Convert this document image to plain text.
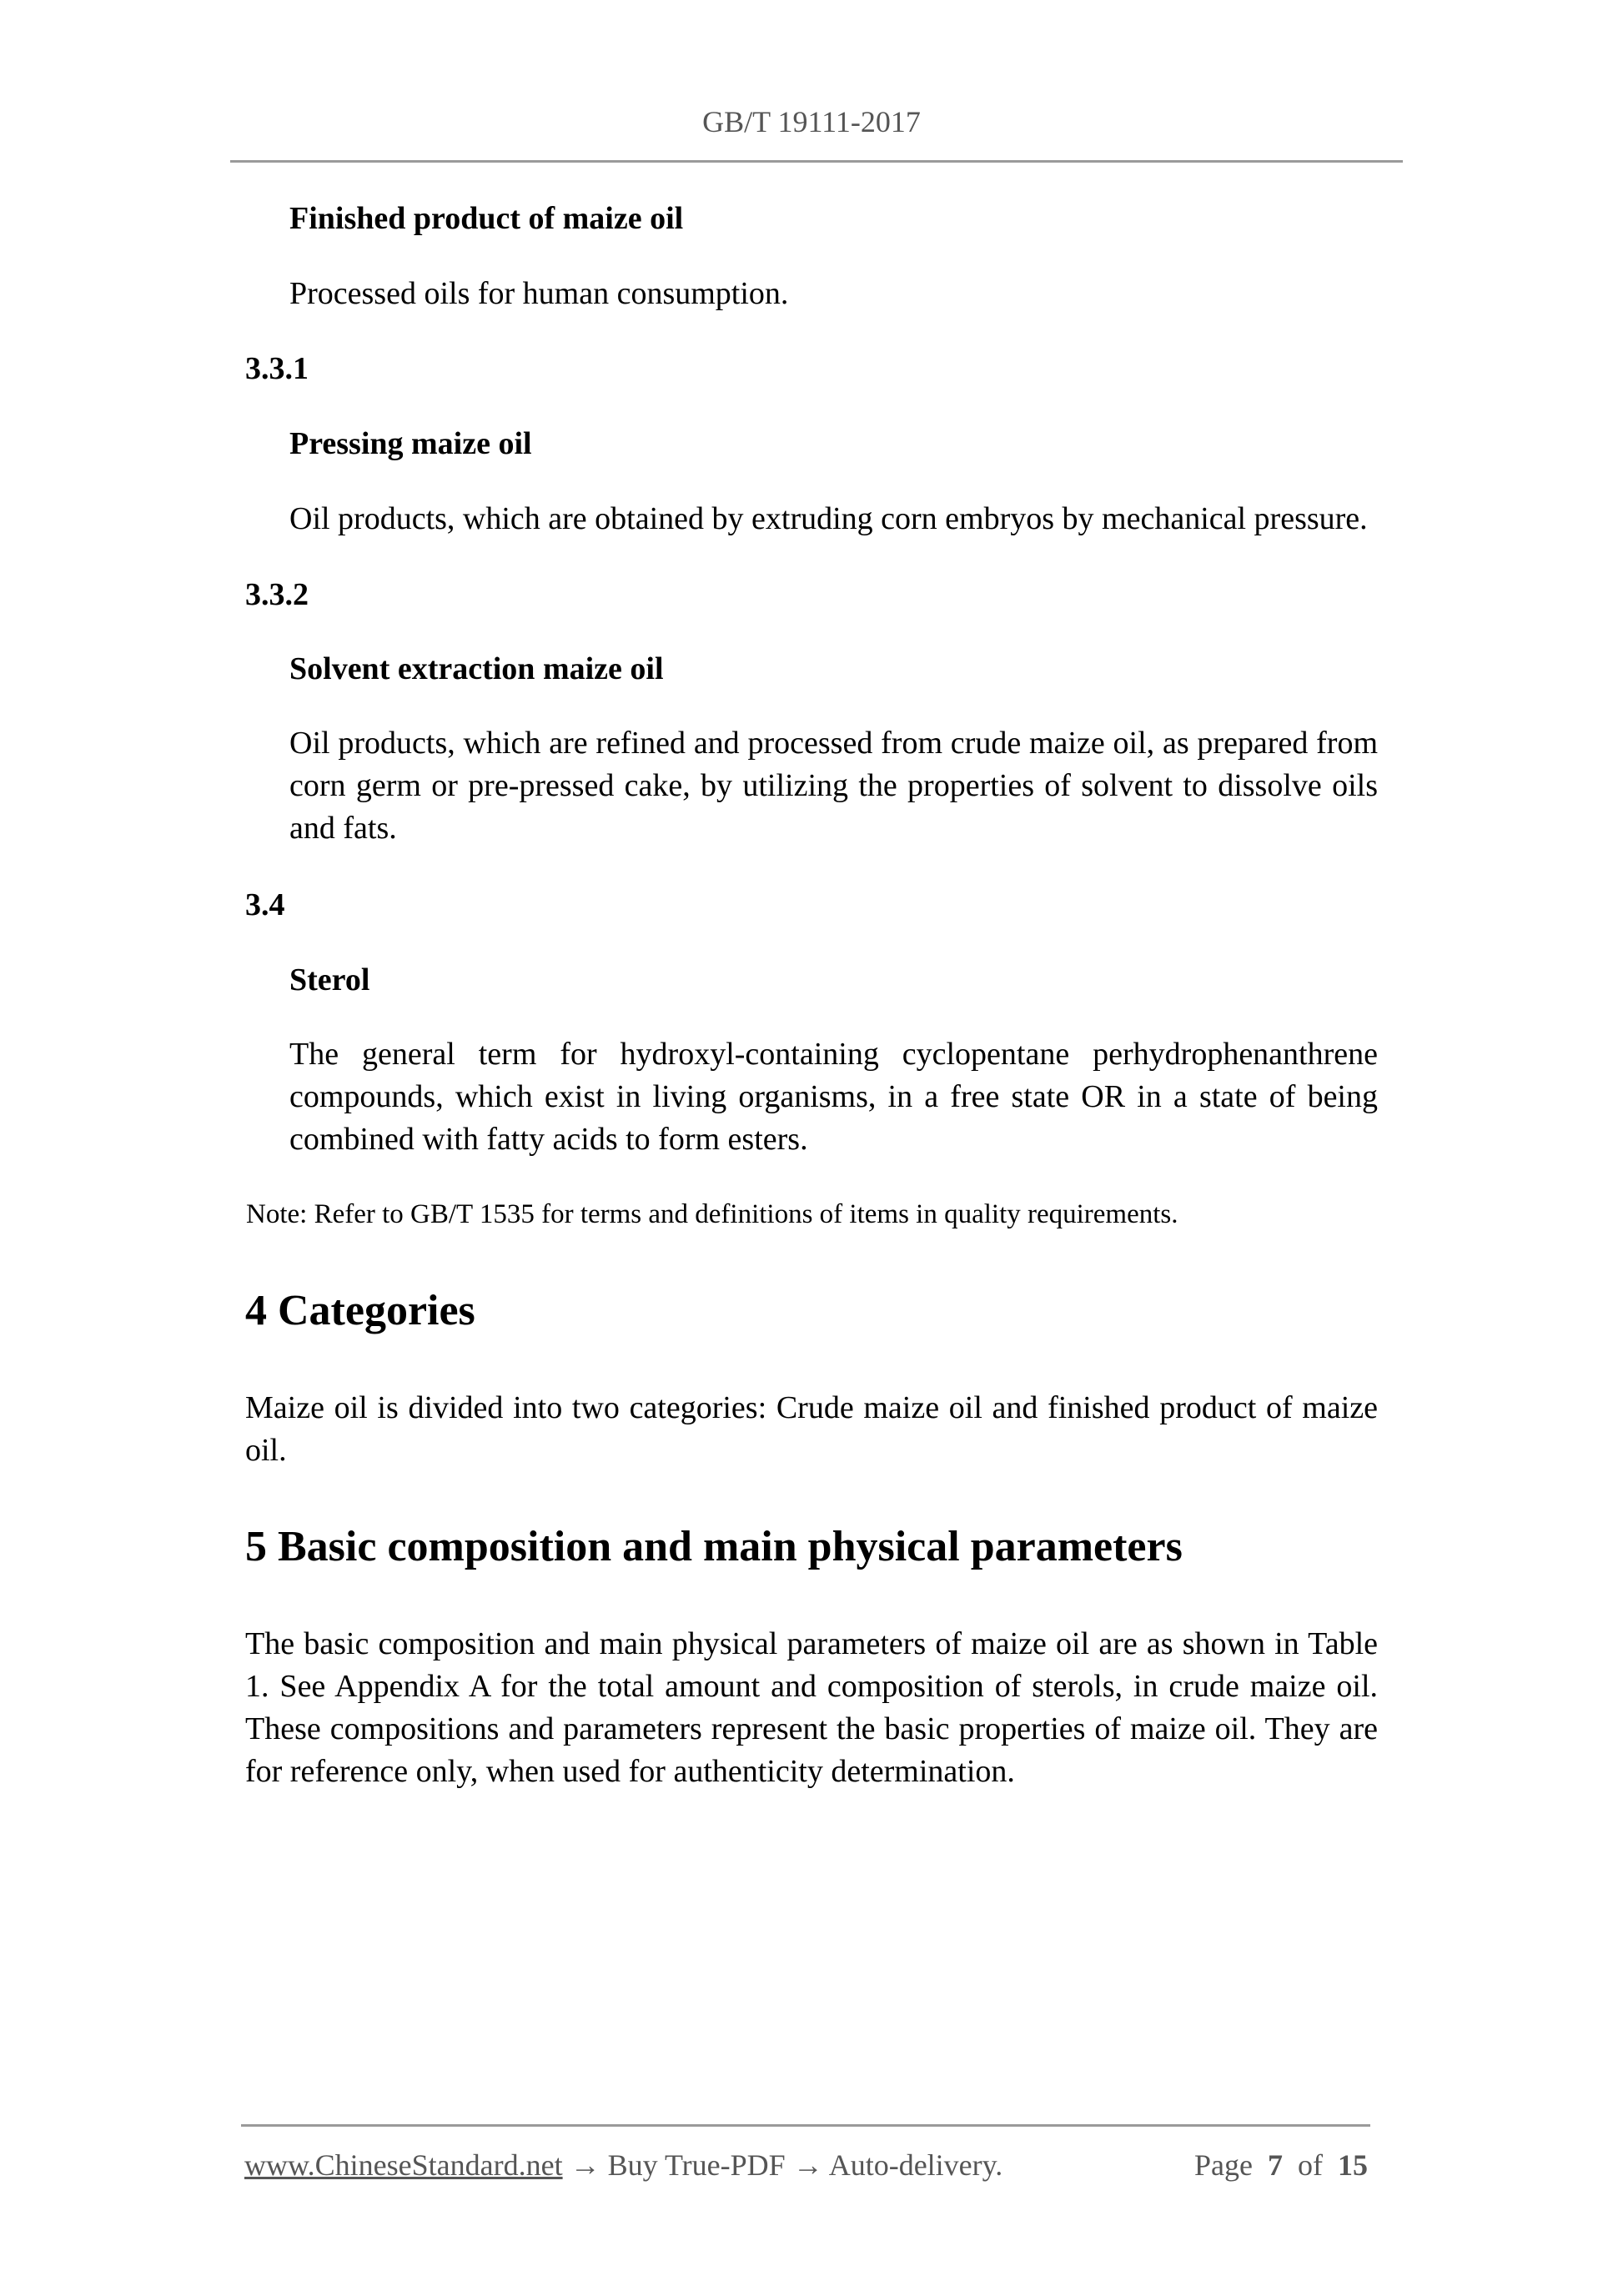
GB/T 19111-2017
Finished product of maize oil
Processed oils for human consumption.
3.3.1
Pressing maize oil
Oil products, which are obtained by extruding corn embryos by mechanical pressure.
3.3.2
Solvent extraction maize oil
Oil products, which are refined and processed from crude maize oil, as prepared from corn germ or pre-pressed cake, by utilizing the properties of solvent to dissolve oils and fats.
3.4
Sterol
The general term for hydroxyl-containing cyclopentane perhydrophenanthrene compounds, which exist in living organisms, in a free state OR in a state of being combined with fatty acids to form esters.
Note: Refer to GB/T 1535 for terms and definitions of items in quality requirements.
4 Categories
Maize oil is divided into two categories: Crude maize oil and finished product of maize oil.
5 Basic composition and main physical parameters
The basic composition and main physical parameters of maize oil are as shown in Table 1. See Appendix A for the total amount and composition of sterols, in crude maize oil. These compositions and parameters represent the basic properties of maize oil. They are for reference only, when used for authenticity determination.
www.ChineseStandard.net → Buy True-PDF → Auto-delivery.	Page 7 of 15
